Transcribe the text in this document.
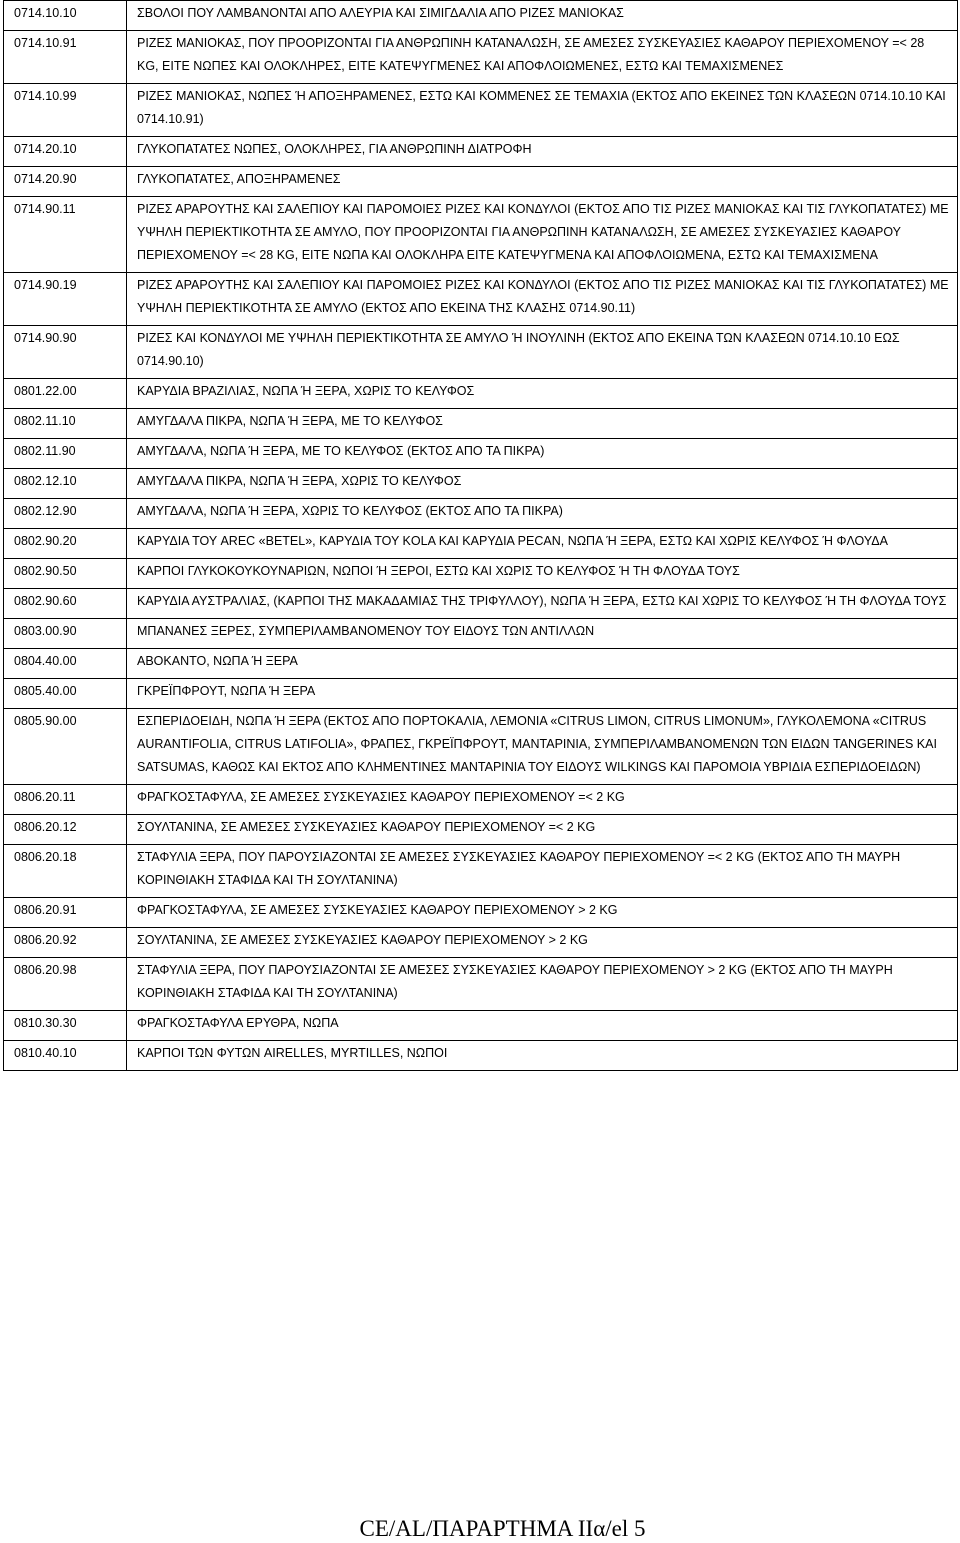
0714.10.10	ΣΒΟΛΟΙ ΠΟΥ ΛΑΜΒΑΝΟΝΤΑΙ ΑΠΟ ΑΛΕΥΡΙΑ ΚΑΙ ΣΙΜΙΓΔΑΛΙΑ ΑΠΟ ΡΙΖΕΣ ΜΑΝΙΟΚΑΣ
0714.10.91	ΡΙΖΕΣ ΜΑΝΙΟΚΑΣ, ΠΟΥ ΠΡΟΟΡΙΖΟΝΤΑΙ ΓΙΑ ΑΝΘΡΩΠΙΝΗ ΚΑΤΑΝΑΛΩΣΗ, ΣΕ ΑΜΕΣΕΣ ΣΥΣΚΕΥΑΣΙΕΣ ΚΑΘΑΡΟΥ ΠΕΡΙΕΧΟΜΕΝΟΥ =< 28 KG, ΕΙΤΕ ΝΩΠΕΣ ΚΑΙ ΟΛΟΚΛΗΡΕΣ, ΕΙΤΕ ΚΑΤΕΨΥΓΜΕΝΕΣ ΚΑΙ ΑΠΟΦΛΟΙΩΜΕΝΕΣ, ΕΣΤΩ ΚΑΙ ΤΕΜΑΧΙΣΜΕΝΕΣ
0714.10.99	ΡΙΖΕΣ ΜΑΝΙΟΚΑΣ, ΝΩΠΕΣ Ή ΑΠΟΞΗΡΑΜΕΝΕΣ, ΕΣΤΩ ΚΑΙ ΚΟΜΜΕΝΕΣ ΣΕ ΤΕΜΑΧΙΑ (ΕΚΤΟΣ ΑΠΟ ΕΚΕΙΝΕΣ ΤΩΝ ΚΛΑΣΕΩΝ 0714.10.10 ΚΑΙ 0714.10.91)
0714.20.10	ΓΛΥΚΟΠΑΤΑΤΕΣ ΝΩΠΕΣ, ΟΛΟΚΛΗΡΕΣ, ΓΙΑ ΑΝΘΡΩΠΙΝΗ ΔΙΑΤΡΟΦΗ
0714.20.90	ΓΛΥΚΟΠΑΤΑΤΕΣ, ΑΠΟΞΗΡΑΜΕΝΕΣ
0714.90.11	ΡΙΖΕΣ ΑΡΑΡΟΥΤΗΣ ΚΑΙ ΣΑΛΕΠΙΟΥ ΚΑΙ ΠΑΡΟΜΟΙΕΣ ΡΙΖΕΣ ΚΑΙ ΚΟΝΔΥΛΟΙ (ΕΚΤΟΣ ΑΠΟ ΤΙΣ ΡΙΖΕΣ ΜΑΝΙΟΚΑΣ ΚΑΙ ΤΙΣ ΓΛΥΚΟΠΑΤΑΤΕΣ) ΜΕ ΥΨΗΛΗ ΠΕΡΙΕΚΤΙΚΟΤΗΤΑ ΣΕ ΑΜΥΛΟ, ΠΟΥ ΠΡΟΟΡΙΖΟΝΤΑΙ ΓΙΑ ΑΝΘΡΩΠΙΝΗ ΚΑΤΑΝΑΛΩΣΗ, ΣΕ ΑΜΕΣΕΣ ΣΥΣΚΕΥΑΣΙΕΣ ΚΑΘΑΡΟΥ ΠΕΡΙΕΧΟΜΕΝΟΥ =< 28 KG, ΕΙΤΕ ΝΩΠΑ ΚΑΙ ΟΛΟΚΛΗΡΑ ΕΙΤΕ ΚΑΤΕΨΥΓΜΕΝΑ ΚΑΙ ΑΠΟΦΛΟΙΩΜΕΝΑ, ΕΣΤΩ ΚΑΙ ΤΕΜΑΧΙΣΜΕΝΑ
0714.90.19	ΡΙΖΕΣ ΑΡΑΡΟΥΤΗΣ ΚΑΙ ΣΑΛΕΠΙΟΥ ΚΑΙ ΠΑΡΟΜΟΙΕΣ ΡΙΖΕΣ ΚΑΙ ΚΟΝΔΥΛΟΙ (ΕΚΤΟΣ ΑΠΟ ΤΙΣ ΡΙΖΕΣ ΜΑΝΙΟΚΑΣ ΚΑΙ ΤΙΣ ΓΛΥΚΟΠΑΤΑΤΕΣ) ΜΕ ΥΨΗΛΗ ΠΕΡΙΕΚΤΙΚΟΤΗΤΑ ΣΕ ΑΜΥΛΟ (ΕΚΤΟΣ ΑΠΟ ΕΚΕΙΝΑ ΤΗΣ ΚΛΑΣΗΣ 0714.90.11)
0714.90.90	ΡΙΖΕΣ ΚΑΙ ΚΟΝΔΥΛΟΙ ΜΕ ΥΨΗΛΗ ΠΕΡΙΕΚΤΙΚΟΤΗΤΑ ΣΕ ΑΜΥΛΟ Ή ΙΝΟΥΛΙΝΗ (ΕΚΤΟΣ ΑΠΟ ΕΚΕΙΝΑ ΤΩΝ ΚΛΑΣΕΩΝ 0714.10.10 ΕΩΣ 0714.90.10)
0801.22.00	ΚΑΡΥΔΙΑ ΒΡΑΖΙΛΙΑΣ, ΝΩΠΑ Ή ΞΕΡΑ, ΧΩΡΙΣ ΤΟ ΚΕΛΥΦΟΣ
0802.11.10	ΑΜΥΓΔΑΛΑ ΠΙΚΡΑ, ΝΩΠΑ Ή ΞΕΡΑ, ΜΕ ΤΟ ΚΕΛΥΦΟΣ
0802.11.90	ΑΜΥΓΔΑΛΑ, ΝΩΠΑ Ή ΞΕΡΑ, ΜΕ ΤΟ ΚΕΛΥΦΟΣ (ΕΚΤΟΣ ΑΠΟ ΤΑ ΠΙΚΡΑ)
0802.12.10	ΑΜΥΓΔΑΛΑ ΠΙΚΡΑ, ΝΩΠΑ Ή ΞΕΡΑ, ΧΩΡΙΣ ΤΟ ΚΕΛΥΦΟΣ
0802.12.90	ΑΜΥΓΔΑΛΑ, ΝΩΠΑ Ή ΞΕΡΑ, ΧΩΡΙΣ ΤΟ ΚΕΛΥΦΟΣ (ΕΚΤΟΣ ΑΠΟ ΤΑ ΠΙΚΡΑ)
0802.90.20	ΚΑΡΥΔΙΑ ΤΟΥ AREC «BETEL», ΚΑΡΥΔΙΑ ΤΟΥ KOLA ΚΑΙ ΚΑΡΥΔΙΑ PECAN, ΝΩΠΑ Ή ΞΕΡΑ, ΕΣΤΩ ΚΑΙ ΧΩΡΙΣ ΚΕΛΥΦΟΣ Ή ΦΛΟΥΔΑ
0802.90.50	ΚΑΡΠΟΙ ΓΛΥΚΟΚΟΥΚΟΥΝΑΡΙΩΝ, ΝΩΠΟΙ Ή ΞΕΡΟΙ, ΕΣΤΩ ΚΑΙ ΧΩΡΙΣ ΤΟ ΚΕΛΥΦΟΣ Ή ΤΗ ΦΛΟΥΔΑ ΤΟΥΣ
0802.90.60	ΚΑΡΥΔΙΑ ΑΥΣΤΡΑΛΙΑΣ, (ΚΑΡΠΟΙ ΤΗΣ ΜΑΚΑΔΑΜΙΑΣ ΤΗΣ ΤΡΙΦΥΛΛΟΥ), ΝΩΠΑ Ή ΞΕΡΑ, ΕΣΤΩ ΚΑΙ ΧΩΡΙΣ ΤΟ ΚΕΛΥΦΟΣ Ή ΤΗ ΦΛΟΥΔΑ ΤΟΥΣ
0803.00.90	ΜΠΑΝΑΝΕΣ ΞΕΡΕΣ, ΣΥΜΠΕΡΙΛΑΜΒΑΝΟΜΕΝΟΥ ΤΟΥ ΕΙΔΟΥΣ ΤΩΝ ΑΝΤΙΛΛΩΝ
0804.40.00	ΑΒΟΚΑΝΤΟ, ΝΩΠΑ Ή ΞΕΡΑ
0805.40.00	ΓΚΡΕΪΠΦΡΟΥΤ, ΝΩΠΑ Ή ΞΕΡΑ
0805.90.00	ΕΣΠΕΡΙΔΟΕΙΔΗ, ΝΩΠΑ Ή ΞΕΡΑ (ΕΚΤΟΣ ΑΠΟ ΠΟΡΤΟΚΑΛΙΑ, ΛΕΜΟΝΙΑ «CITRUS LIMON, CITRUS LIMONUM», ΓΛΥΚΟΛΕΜΟΝΑ «CITRUS AURANTIFOLIA, CITRUS LATIFOLIA», ΦΡΑΠΕΣ, ΓΚΡΕΪΠΦΡΟΥΤ, ΜΑΝΤΑΡΙΝΙΑ, ΣΥΜΠΕΡΙΛΑΜΒΑΝΟΜΕΝΩΝ ΤΩΝ ΕΙΔΩΝ TANGERINES ΚΑΙ SATSUMAS, ΚΑΘΩΣ ΚΑΙ ΕΚΤΟΣ ΑΠΟ ΚΛΗΜΕΝΤΙΝΕΣ ΜΑΝΤΑΡΙΝΙΑ ΤΟΥ ΕΙΔΟΥΣ WILKINGS ΚΑΙ ΠΑΡΟΜΟΙΑ ΥΒΡΙΔΙΑ ΕΣΠΕΡΙΔΟΕΙΔΩΝ)
0806.20.11	ΦΡΑΓΚΟΣΤΑΦΥΛΑ, ΣΕ ΑΜΕΣΕΣ ΣΥΣΚΕΥΑΣΙΕΣ ΚΑΘΑΡΟΥ ΠΕΡΙΕΧΟΜΕΝΟΥ =< 2 KG
0806.20.12	ΣΟΥΛΤΑΝΙΝΑ, ΣΕ ΑΜΕΣΕΣ ΣΥΣΚΕΥΑΣΙΕΣ ΚΑΘΑΡΟΥ ΠΕΡΙΕΧΟΜΕΝΟΥ =< 2 KG
0806.20.18	ΣΤΑΦΥΛΙΑ ΞΕΡΑ, ΠΟΥ ΠΑΡΟΥΣΙΑΖΟΝΤΑΙ ΣΕ ΑΜΕΣΕΣ ΣΥΣΚΕΥΑΣΙΕΣ ΚΑΘΑΡΟΥ ΠΕΡΙΕΧΟΜΕΝΟΥ =< 2 KG (ΕΚΤΟΣ ΑΠΟ ΤΗ ΜΑΥΡΗ ΚΟΡΙΝΘΙΑΚΗ ΣΤΑΦΙΔΑ ΚΑΙ ΤΗ ΣΟΥΛΤΑΝΙΝΑ)
0806.20.91	ΦΡΑΓΚΟΣΤΑΦΥΛΑ, ΣΕ ΑΜΕΣΕΣ ΣΥΣΚΕΥΑΣΙΕΣ ΚΑΘΑΡΟΥ ΠΕΡΙΕΧΟΜΕΝΟΥ > 2 KG
0806.20.92	ΣΟΥΛΤΑΝΙΝΑ, ΣΕ ΑΜΕΣΕΣ ΣΥΣΚΕΥΑΣΙΕΣ ΚΑΘΑΡΟΥ ΠΕΡΙΕΧΟΜΕΝΟΥ > 2 KG
0806.20.98	ΣΤΑΦΥΛΙΑ ΞΕΡΑ, ΠΟΥ ΠΑΡΟΥΣΙΑΖΟΝΤΑΙ ΣΕ ΑΜΕΣΕΣ ΣΥΣΚΕΥΑΣΙΕΣ ΚΑΘΑΡΟΥ ΠΕΡΙΕΧΟΜΕΝΟΥ > 2 KG (ΕΚΤΟΣ ΑΠΟ ΤΗ ΜΑΥΡΗ ΚΟΡΙΝΘΙΑΚΗ ΣΤΑΦΙΔΑ ΚΑΙ ΤΗ ΣΟΥΛΤΑΝΙΝΑ)
0810.30.30	ΦΡΑΓΚΟΣΤΑΦΥΛΑ ΕΡΥΘΡΑ, ΝΩΠΑ
0810.40.10	ΚΑΡΠΟΙ ΤΩΝ ΦΥΤΩΝ AIRELLES, MYRTILLES, ΝΩΠΟΙ
CE/AL/ΠΑΡΑΡΤΗΜΑ ΙΙα/el 5
